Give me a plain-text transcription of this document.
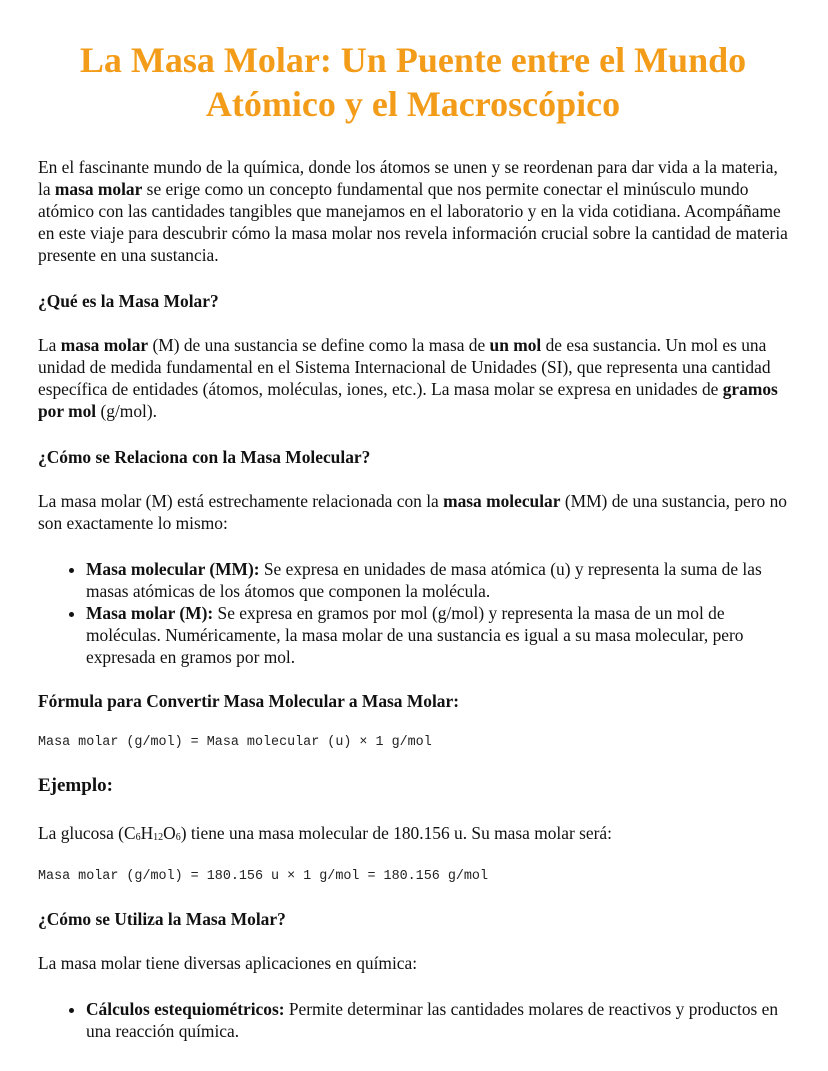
La Masa Molar: Un Puente entre el Mundo Atómico y el Macroscópico

En el fascinante mundo de la química, donde los átomos se unen y se reordenan para dar vida a la materia, la masa molar se erige como un concepto fundamental que nos permite conectar el minúsculo mundo atómico con las cantidades tangibles que manejamos en el laboratorio y en la vida cotidiana. Acompáñame en este viaje para descubrir cómo la masa molar nos revela información crucial sobre la cantidad de materia presente en una sustancia.

¿Qué es la Masa Molar?

La masa molar (M) de una sustancia se define como la masa de un mol de esa sustancia. Un mol es una unidad de medida fundamental en el Sistema Internacional de Unidades (SI), que representa una cantidad específica de entidades (átomos, moléculas, iones, etc.). La masa molar se expresa en unidades de gramos por mol (g/mol).

¿Cómo se Relaciona con la Masa Molecular?

La masa molar (M) está estrechamente relacionada con la masa molecular (MM) de una sustancia, pero no son exactamente lo mismo:

• Masa molecular (MM): Se expresa en unidades de masa atómica (u) y representa la suma de las masas atómicas de los átomos que componen la molécula.
• Masa molar (M): Se expresa en gramos por mol (g/mol) y representa la masa de un mol de moléculas. Numéricamente, la masa molar de una sustancia es igual a su masa molecular, pero expresada en gramos por mol.
Fórmula para Convertir Masa Molecular a Masa Molar:
Masa molar (g/mol) = Masa molecular (u) × 1 g/mol
Ejemplo:

La glucosa $(C_6H_{12}O_6)$ tiene una masa molecular de 180.156 u. Su masa molar será:

Masa molar (g/mol) = 180.156 u × 1 g/mol = 180.156 g/mol
¿Cómo se Utiliza la Masa Molar?

La masa molar tiene diversas aplicaciones en química:

• Cálculos estequiométricos: Permite determinar las cantidades molares de reactivos y productos en una reacción química.
